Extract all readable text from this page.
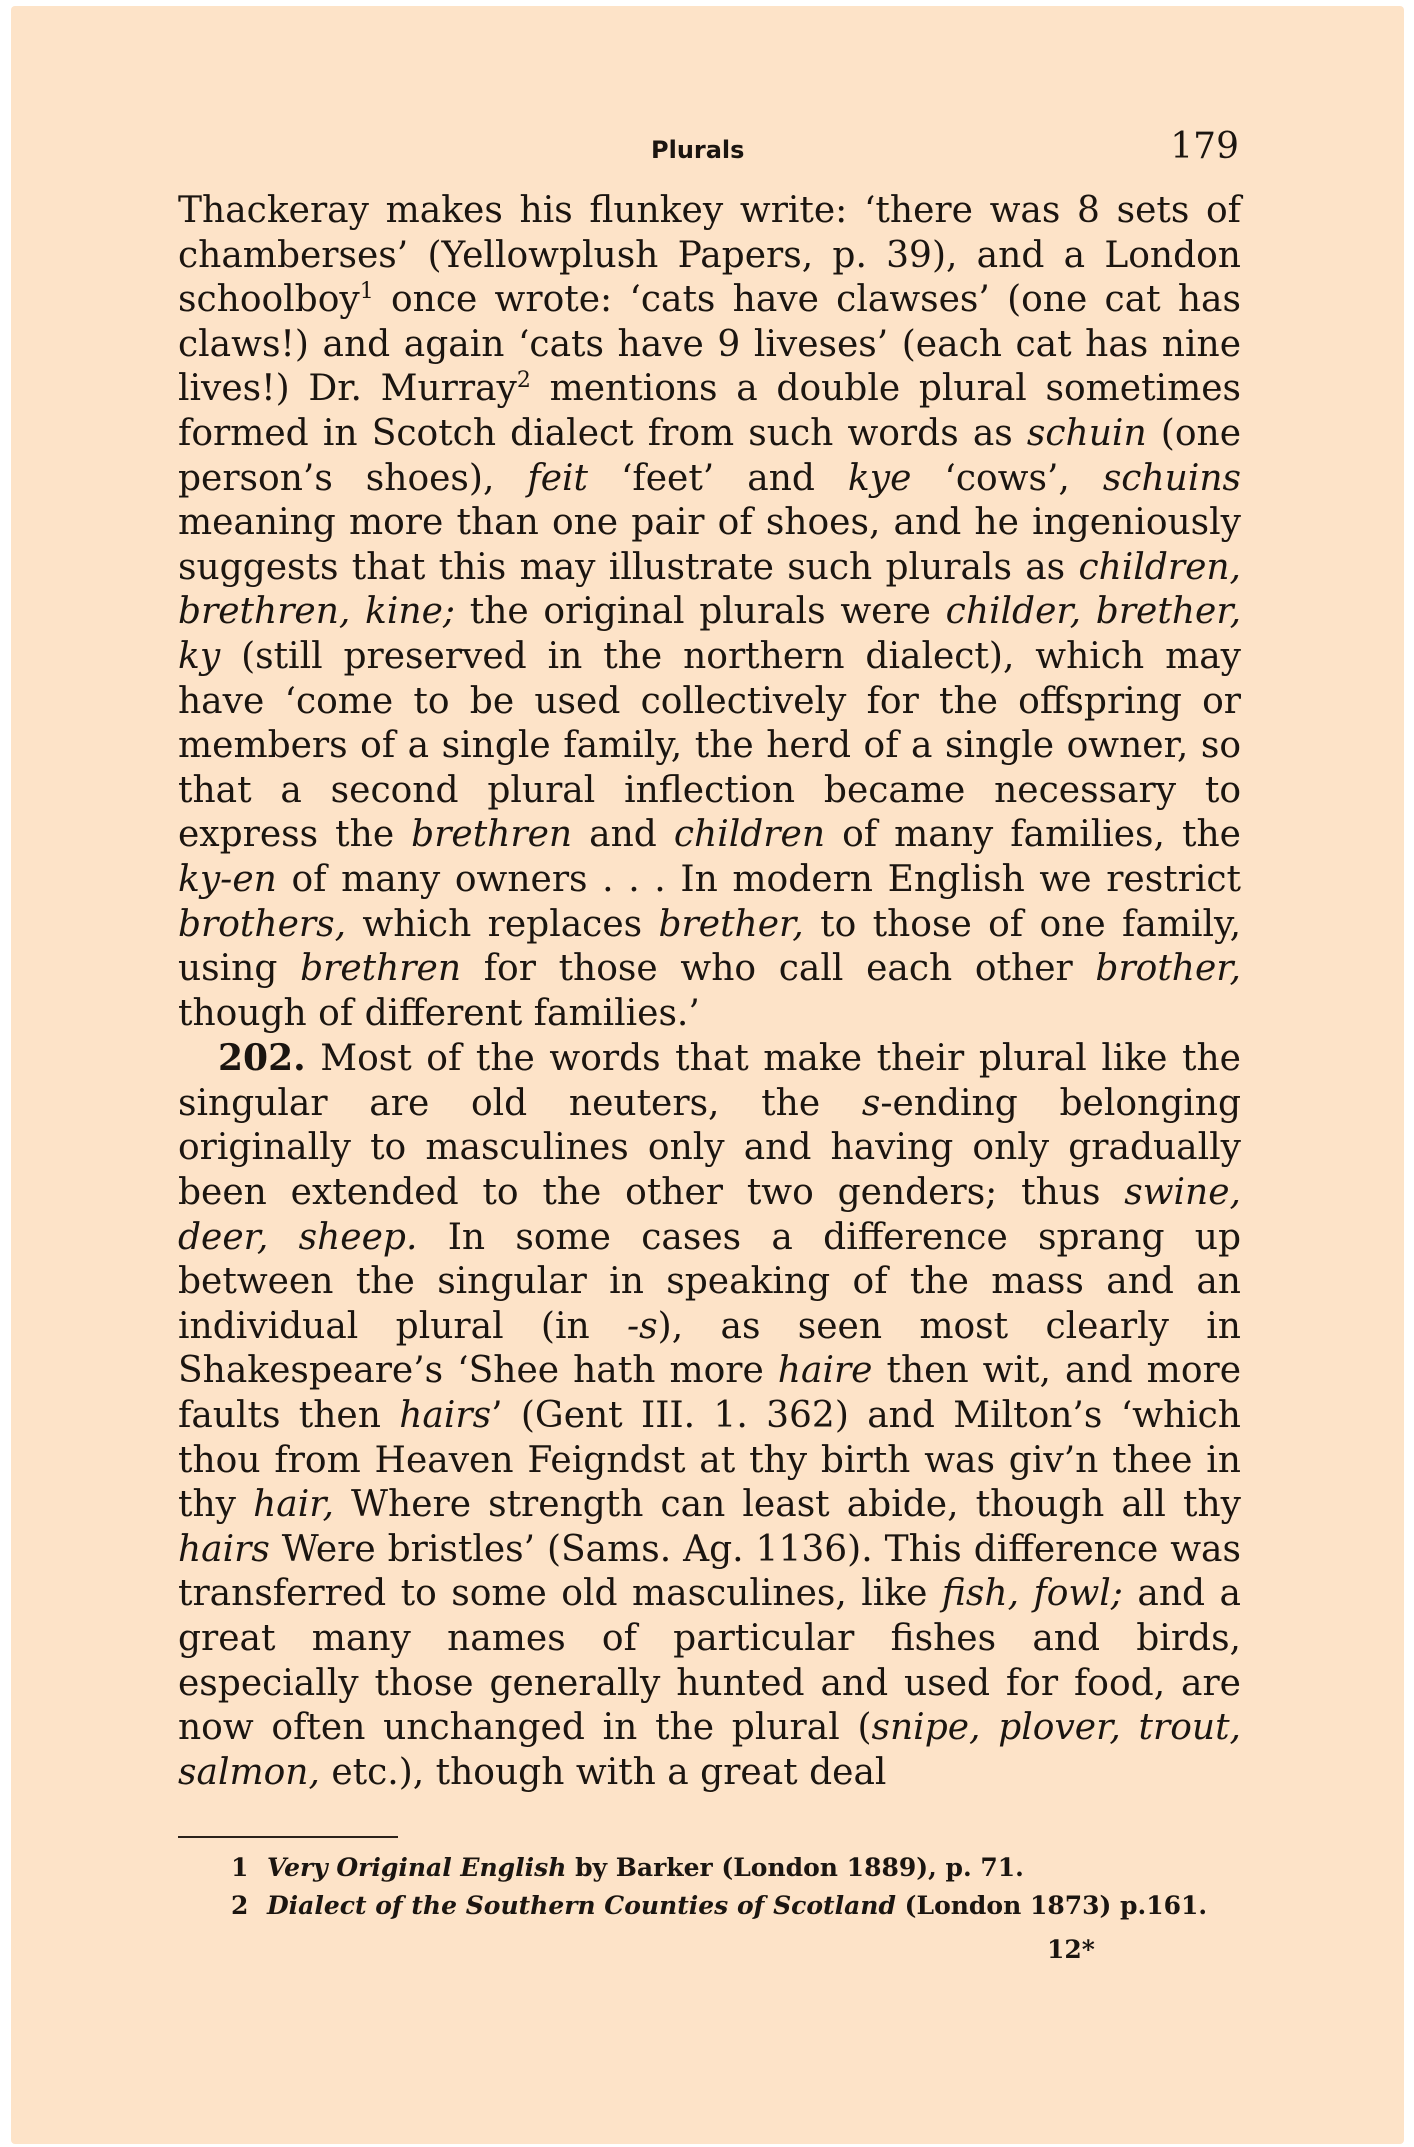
Plurals	179

Thackeray makes his flunkey write: ‘there was 8 sets of chamberses’ (Yellowplush Papers, p. 39), and a London schoolboy$^1$ once wrote: ‘cats have clawses’ (one cat has claws!) and again ‘cats have 9 liveses’ (each cat has nine lives!) Dr. Murray$^2$ mentions a double plural sometimes formed in Scotch dialect from such words as schuin (one person’s shoes), feit ‘feet’ and kye ‘cows’, schuins meaning more than one pair of shoes, and he ingeniously suggests that this may illustrate such plurals as children, brethren, kine; the original plurals were childer, brether, ky (still preserved in the northern dialect), which may have ‘come to be used collectively for the offspring or members of a single family, the herd of a single owner, so that a second plural inflection became necessary to express the brethren and children of many families, the ky-en of many owners . . . In modern English we restrict brothers, which replaces brether, to those of one family, using brethren for those who call each other brother, though of different families.’

202. Most of the words that make their plural like the singular are old neuters, the s-ending belonging originally to masculines only and having only gradually been extended to the other two genders; thus swine, deer, sheep. In some cases a difference sprang up between the singular in speaking of the mass and an individual plural (in -s), as seen most clearly in Shakespeare’s ‘Shee hath more haire then wit, and more faults then hairs’ (Gent III. 1. 362) and Milton’s ‘which thou from Heaven Feigndst at thy birth was giv’n thee in thy hair, Where strength can least abide, though all thy hairs Were bristles’ (Sams. Ag. 1136). This difference was transferred to some old masculines, like fish, fowl; and a great many names of particular fishes and birds, especially those generally hunted and used for food, are now often unchanged in the plural (snipe, plover, trout, salmon, etc.), though with a great deal

1 Very Original English by Barker (London 1889), p. 71.
2 Dialect of the Southern Counties of Scotland (London 1873) p.161.
12*
